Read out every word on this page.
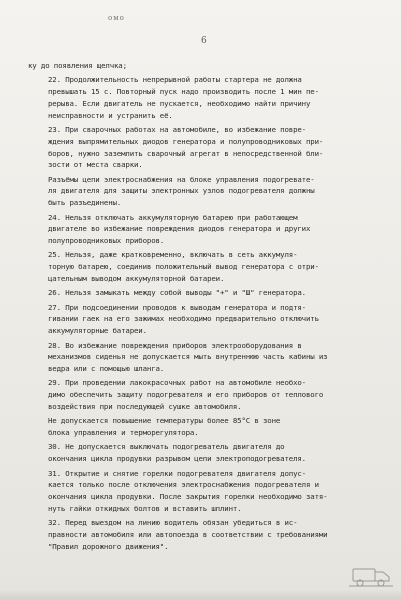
омо
6
ку до появления щелчка;
22. Продолжительность непрерывной работы стартера не должна
превышать 15 с. Повторный пуск надо производить после 1 мин пе-
рерыва. Если двигатель не пускается, необходимо найти причину
неисправности и устранить её.
23. При сварочных работах на автомобиле, во избежание повре-
ждения выпрямительных диодов генератора и полупроводниковых при-
боров, нужно заземлить сварочный агрегат в непосредственной бли-
зости от места сварки.
Разъёмы цепи электроснабжения на блоке управления подогревате-
ля двигателя для защиты электронных узлов подогревателя должны
быть разъединены.
24. Нельзя отключать аккумуляторную батарею при работающем
двигателе во избежание повреждения диодов генератора и других
полупроводниковых приборов.
25. Нельзя, даже кратковременно, включать в сеть аккумуля-
торную батарею, соединив положительный вывод генератора с отри-
цательным выводом аккумуляторной батареи.
26. Нельзя замыкать между собой выводы "+" и "Ш" генератора.
27. При подсоединении проводов к выводам генератора и подтя-
гивании гаек на его зажимах необходимо предварительно отключить
аккумуляторные батареи.
28. Во избежание повреждения приборов электрооборудования в
механизмов сиденья не допускается мыть внутреннюю часть кабины из
ведра или с помощью шланга.
29. При проведении лакокрасочных работ на автомобиле необхо-
димо обеспечить защиту подогревателя и его приборов от теплового
воздействия при последующей сушке автомобиля.
Не допускается повышение температуры более 85°С в зоне
блока управления и терморегулятора.
30. Не допускается выключать подогреватель двигателя до
окончания цикла продувки разрывом цепи электроподогревателя.
31. Открытие и снятие горелки подогревателя двигателя допус-
кается только после отключения электроснабжения подогревателя и
окончания цикла продувки. После закрытия горелки необходимо затя-
нуть гайки откидных болтов и вставить шплинт.
32. Перед выездом на линию водитель обязан убедиться в ис-
правности автомобиля или автопоезда в соответствии с требованиями
"Правил дорожного движения".
